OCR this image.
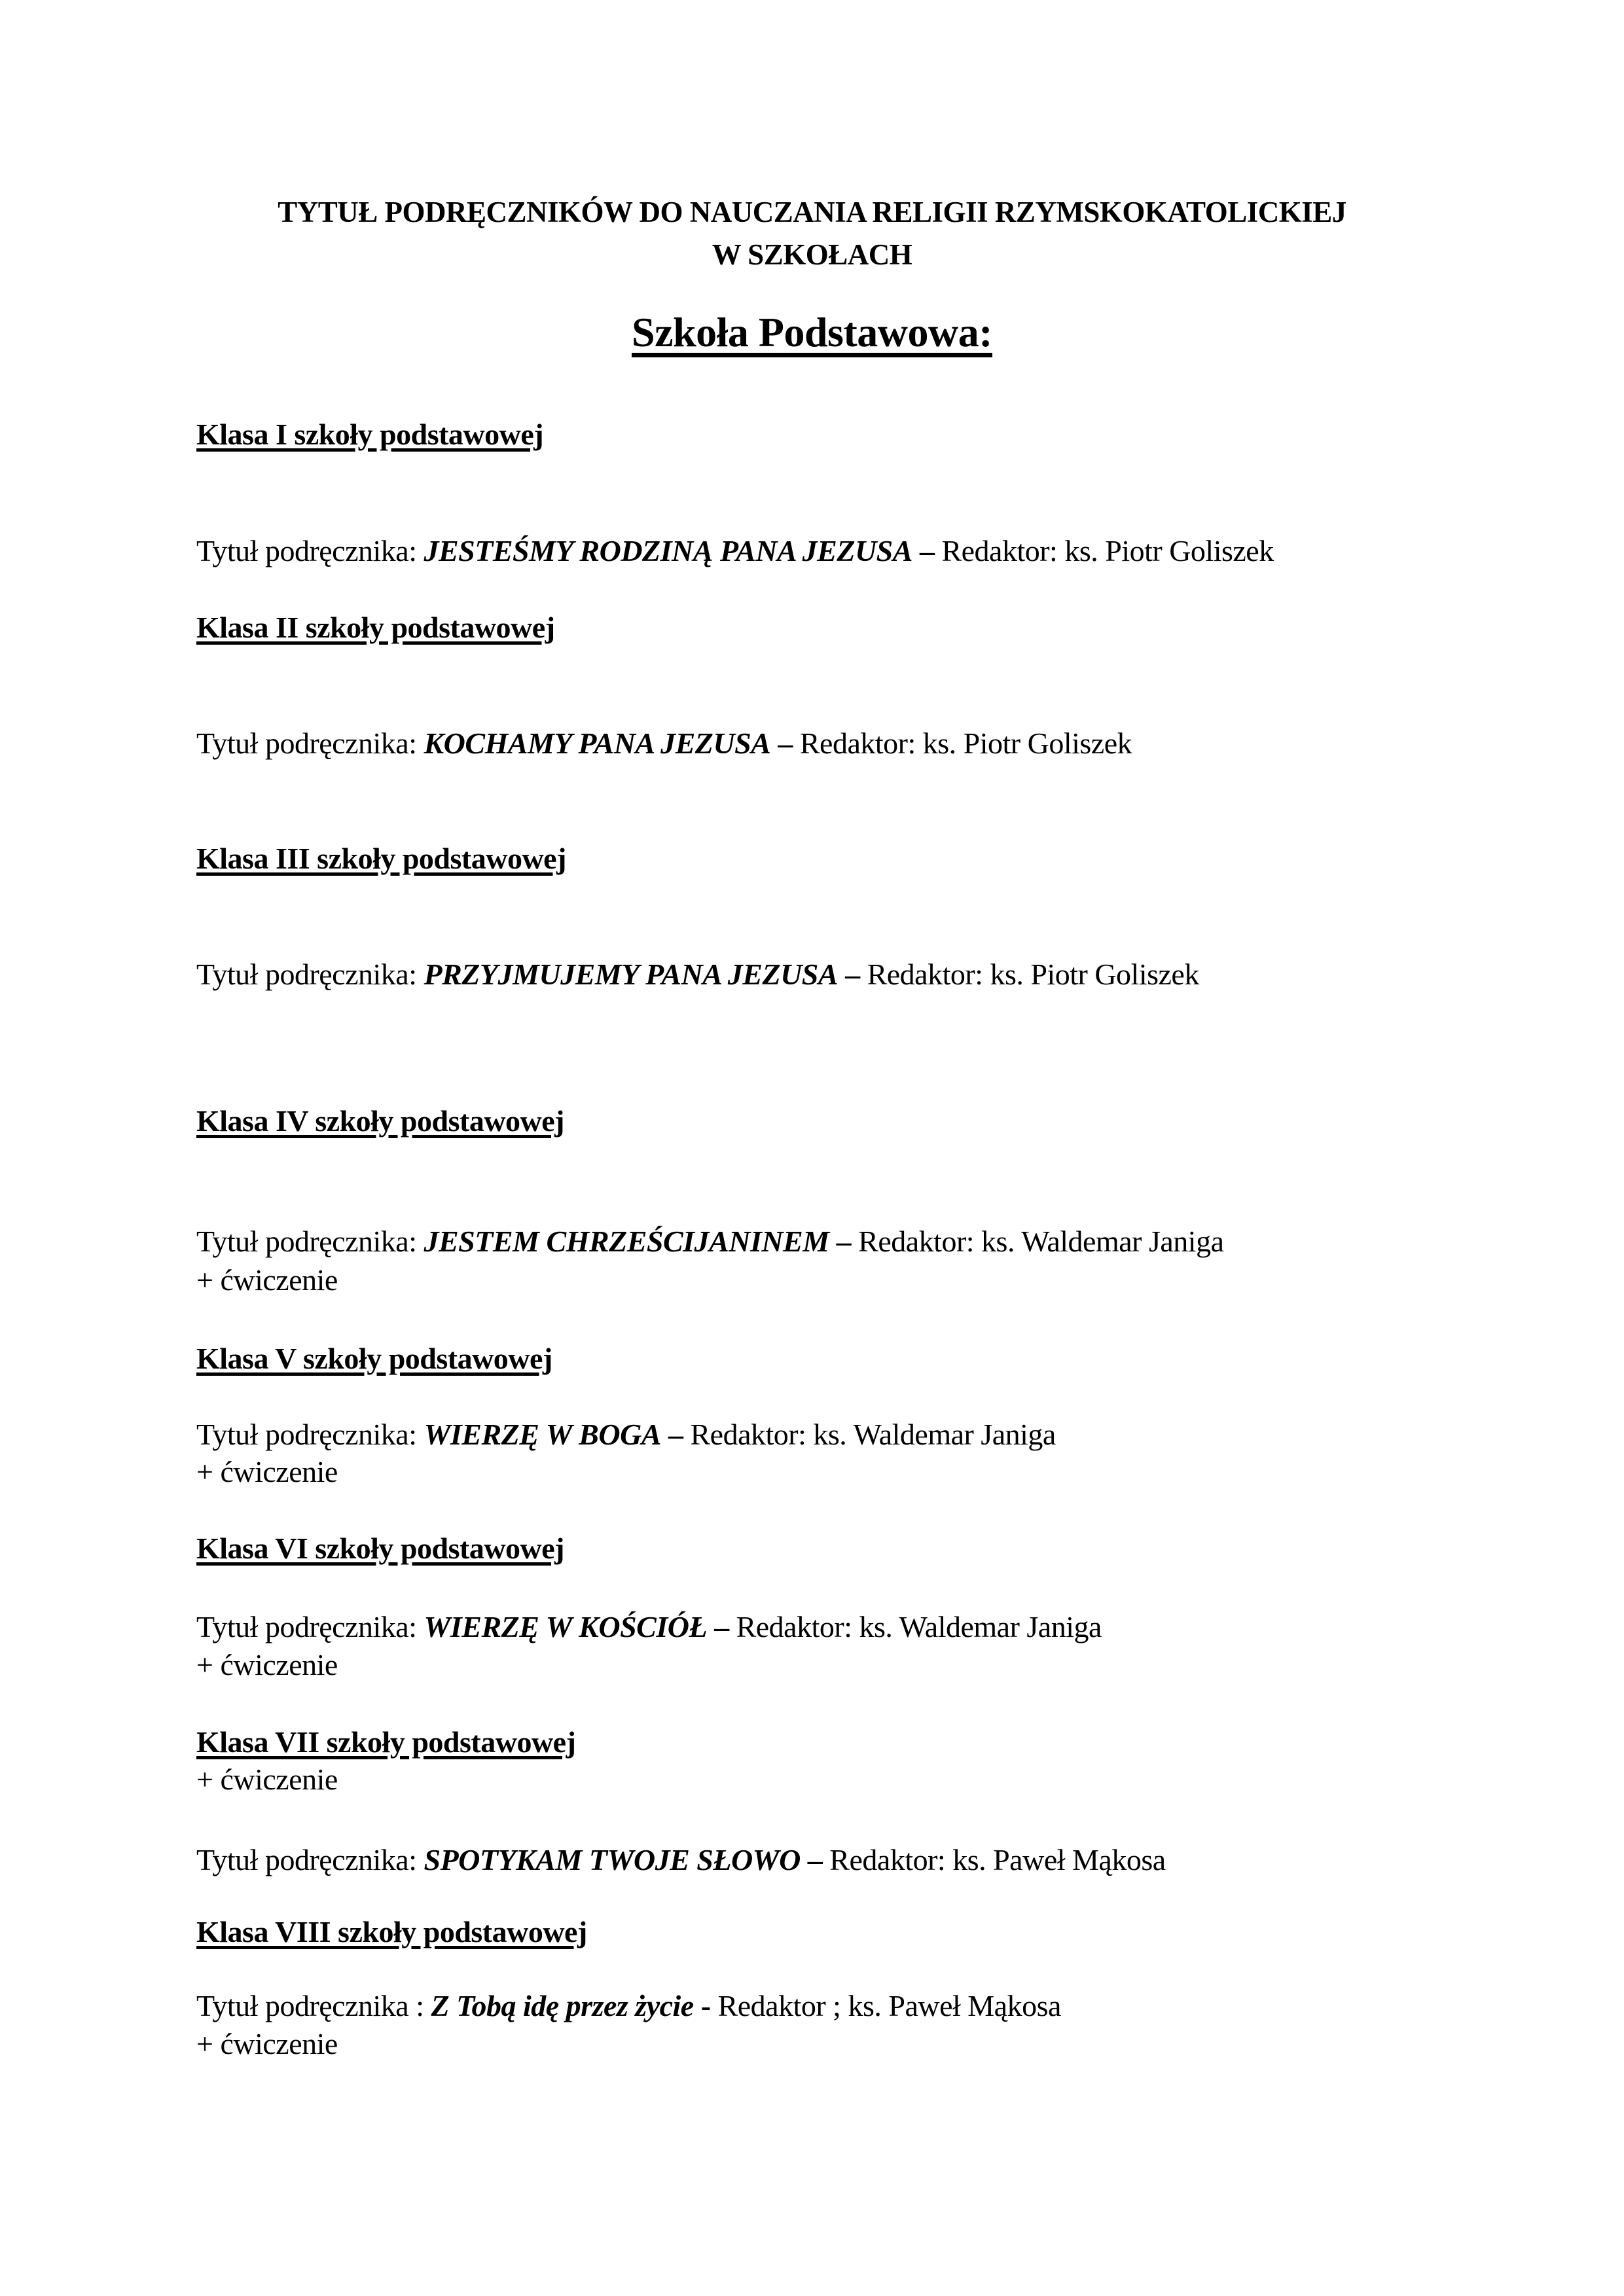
TYTUŁ PODRĘCZNIKÓW DO NAUCZANIA RELIGII RZYMSKOKATOLICKIEJ
W SZKOŁACH
Szkoła Podstawowa:
Klasa I szkoły podstawowej
Tytuł podręcznika: JESTEŚMY RODZINĄ PANA JEZUSA – Redaktor: ks. Piotr Goliszek
Klasa II szkoły podstawowej
Tytuł podręcznika: KOCHAMY PANA JEZUSA – Redaktor: ks. Piotr Goliszek
Klasa III szkoły podstawowej
Tytuł podręcznika: PRZYJMUJEMY PANA JEZUSA – Redaktor: ks. Piotr Goliszek
Klasa IV szkoły podstawowej
Tytuł podręcznika: JESTEM CHRZEŚCIJANINEM – Redaktor: ks. Waldemar Janiga
+ ćwiczenie
Klasa V szkoły podstawowej
Tytuł podręcznika: WIERZĘ W BOGA – Redaktor: ks. Waldemar Janiga
+ ćwiczenie
Klasa VI szkoły podstawowej
Tytuł podręcznika: WIERZĘ W KOŚCIÓŁ – Redaktor: ks. Waldemar Janiga
+ ćwiczenie
Klasa VII szkoły podstawowej
+ ćwiczenie
Tytuł podręcznika: SPOTYKAM TWOJE SŁOWO – Redaktor: ks. Paweł Mąkosa
Klasa VIII szkoły podstawowej
Tytuł podręcznika : Z Tobą idę przez życie - Redaktor ; ks. Paweł Mąkosa
+ ćwiczenie
